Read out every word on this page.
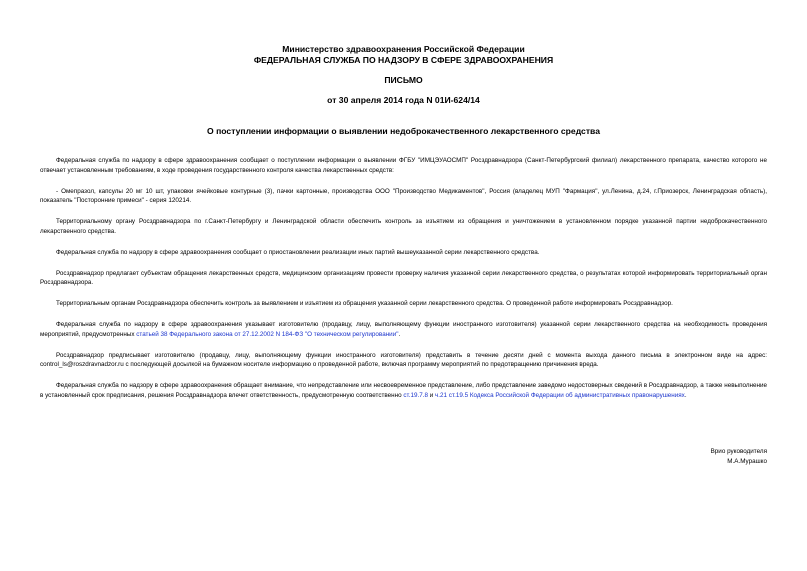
Министерство здравоохранения Российской Федерации
ФЕДЕРАЛЬНАЯ СЛУЖБА ПО НАДЗОРУ В СФЕРЕ ЗДРАВООХРАНЕНИЯ
ПИСЬМО
от 30 апреля 2014 года N 01И-624/14
О поступлении информации о выявлении недоброкачественного лекарственного средства

Федеральная служба по надзору в сфере здравоохранения сообщает о поступлении информации о выявлении ФГБУ "ИМЦЭУАОСМП" Росздравнадзора (Санкт-Петербургский филиал) лекарственного препарата, качество которого не отвечает установленным требованиям, в ходе проведения государственного контроля качества лекарственных средств:

- Омепразол, капсулы 20 мг 10 шт, упаковки ячейковые контурные (3), пачки картонные, производства ООО "Производство Медикаментов", Россия (владелец МУП "Фармация", ул.Ленина, д.24, г.Приозерск, Ленинградская область), показатель "Посторонние примеси" - серия 120214.

Территориальному органу Росздравнадзора по г.Санкт-Петербургу и Ленинградской области обеспечить контроль за изъятием из обращения и уничтожением в установленном порядке указанной партии недоброкачественного лекарственного средства.

Федеральная служба по надзору в сфере здравоохранения сообщает о приостановлении реализации иных партий вышеуказанной серии лекарственного средства.

Росздравнадзор предлагает субъектам обращения лекарственных средств, медицинским организациям провести проверку наличия указанной серии лекарственного средства, о результатах которой информировать территориальный орган Росздравнадзора.

Территориальным органам Росздравнадзора обеспечить контроль за выявлением и изъятием из обращения указанной серии лекарственного средства. О проведенной работе информировать Росздравнадзор.

Федеральная служба по надзору в сфере здравоохранения указывает изготовителю (продавцу, лицу, выполняющему функции иностранного изготовителя) указанной серии лекарственного средства на необходимость проведения мероприятий, предусмотренных статьей 38 Федерального закона от 27.12.2002 N 184-ФЗ "О техническом регулировании".

Росздравнадзор предписывает изготовителю (продавцу, лицу, выполняющему функции иностранного изготовителя) представить в течение десяти дней с момента выхода данного письма в электронном виде на адрес: control_ls@roszdravnadzor.ru с последующей досылкой на бумажном носителе информацию о проведенной работе, включая программу мероприятий по предотвращению причинения вреда.

Федеральная служба по надзору в сфере здравоохранения обращает внимание, что непредставление или несвоевременное представление, либо представление заведомо недостоверных сведений в Росздравнадзор, а также невыполнение в установленный срок предписания, решения Росздравнадзора влечет ответственность, предусмотренную соответственно ст.19.7.8 и ч.21 ст.19.5 Кодекса Российской Федерации об административных правонарушениях.

Врио руководителя
М.А.Мурашко
